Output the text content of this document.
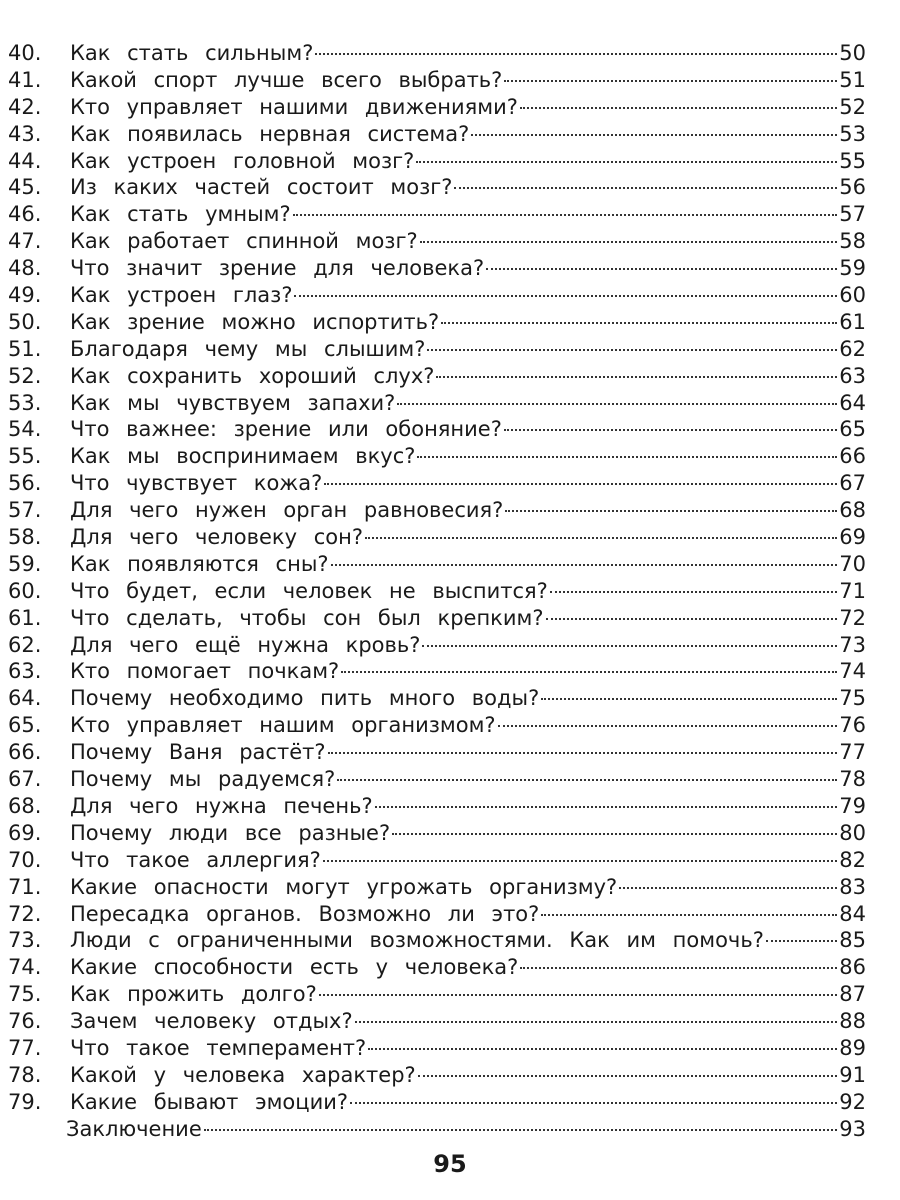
40.	Как стать сильным?	50
41.	Какой спорт лучше всего выбрать?	51
42.	Кто управляет нашими движениями?	52
43.	Как появилась нервная система?	53
44.	Как устроен головной мозг?	55
45.	Из каких частей состоит мозг?	56
46.	Как стать умным?	57
47.	Как работает спинной мозг?	58
48.	Что значит зрение для человека?	59
49.	Как устроен глаз?	60
50.	Как зрение можно испортить?	61
51.	Благодаря чему мы слышим?	62
52.	Как сохранить хороший слух?	63
53.	Как мы чувствуем запахи?	64
54.	Что важнее: зрение или обоняние?	65
55.	Как мы воспринимаем вкус?	66
56.	Что чувствует кожа?	67
57.	Для чего нужен орган равновесия?	68
58.	Для чего человеку сон?	69
59.	Как появляются сны?	70
60.	Что будет, если человек не выспится?	71
61.	Что сделать, чтобы сон был крепким?	72
62.	Для чего ещё нужна кровь?	73
63.	Кто помогает почкам?	74
64.	Почему необходимо пить много воды?	75
65.	Кто управляет нашим организмом?	76
66.	Почему Ваня растёт?	77
67.	Почему мы радуемся?	78
68.	Для чего нужна печень?	79
69.	Почему люди все разные?	80
70.	Что такое аллергия?	82
71.	Какие опасности могут угрожать организму?	83
72.	Пересадка органов. Возможно ли это?	84
73.	Люди с ограниченными возможностями. Как им помочь?	85
74.	Какие способности есть у человека?	86
75.	Как прожить долго?	87
76.	Зачем человеку отдых?	88
77.	Что такое темперамент?	89
78.	Какой у человека характер?	91
79.	Какие бывают эмоции?	92
Заключение	93
95
